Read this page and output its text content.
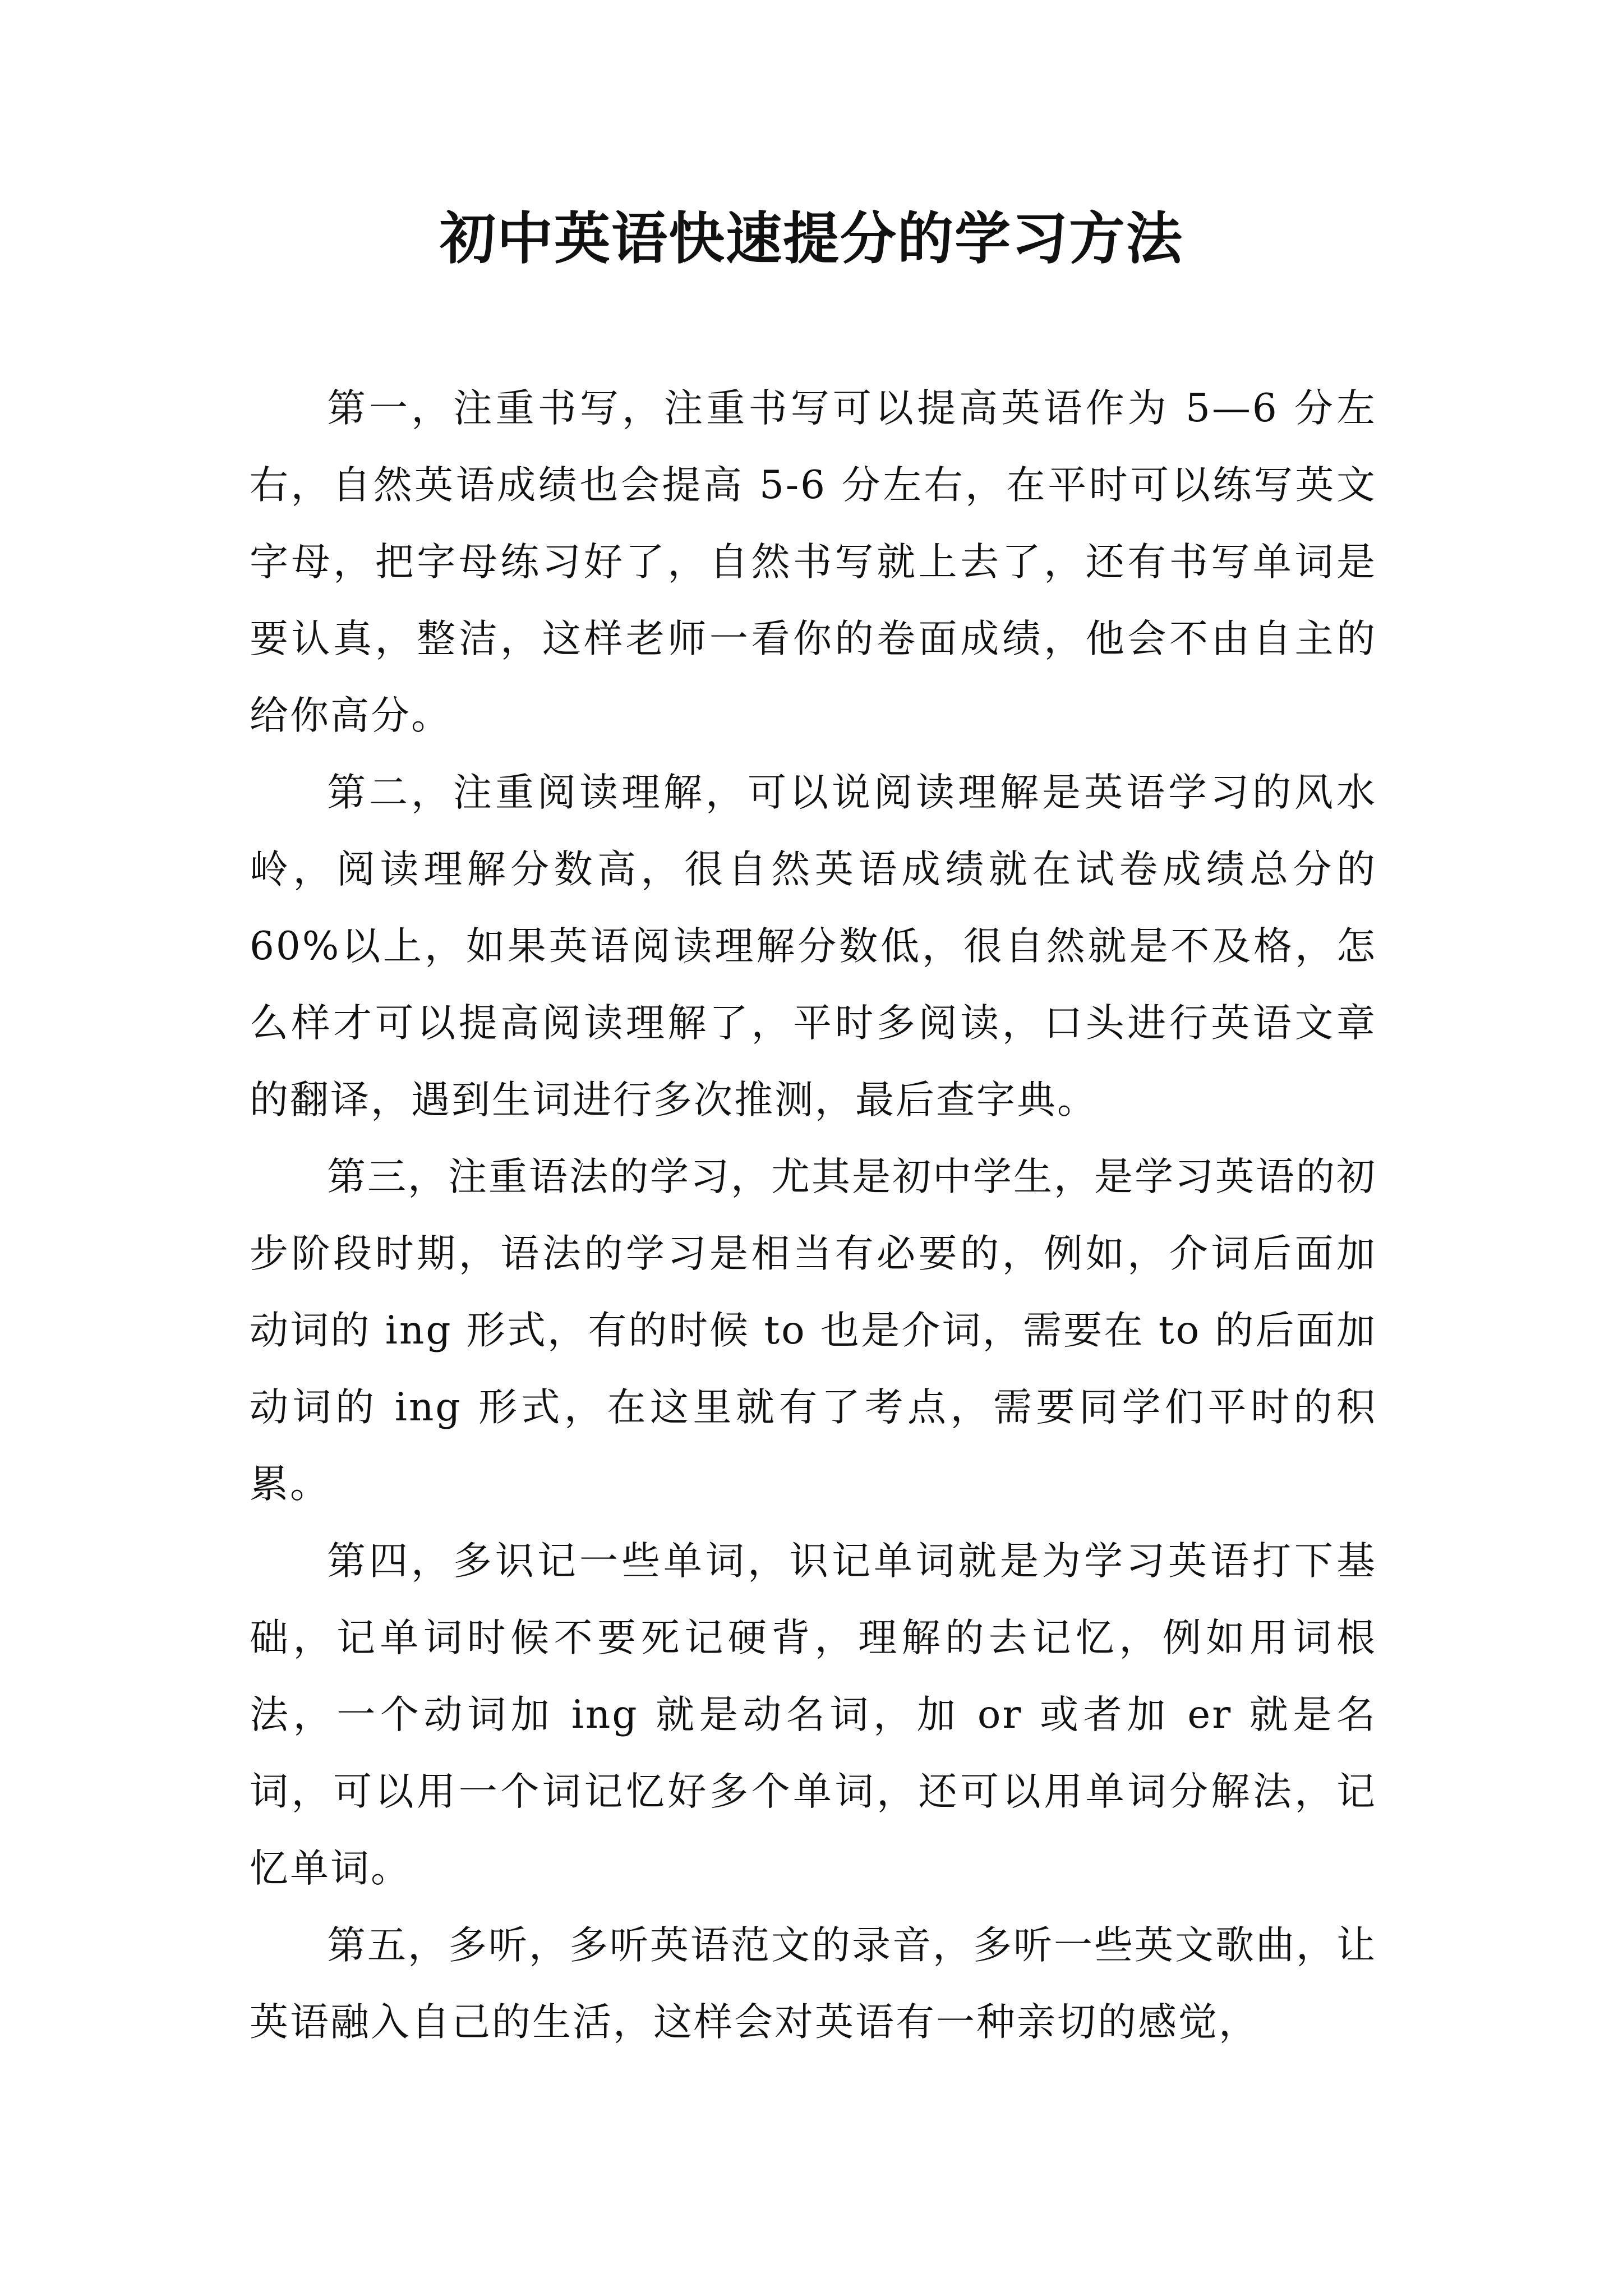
初中英语快速提分的学习方法

第一，注重书写，注重书写可以提高英语作为 5—6 分左右，自然英语成绩也会提高 5-6 分左右，在平时可以练写英文字母，把字母练习好了，自然书写就上去了，还有书写单词是要认真，整洁，这样老师一看你的卷面成绩，他会不由自主的给你高分。

第二，注重阅读理解，可以说阅读理解是英语学习的风水岭，阅读理解分数高，很自然英语成绩就在试卷成绩总分的 60%以上，如果英语阅读理解分数低，很自然就是不及格，怎么样才可以提高阅读理解了，平时多阅读，口头进行英语文章的翻译，遇到生词进行多次推测，最后查字典。

第三，注重语法的学习，尤其是初中学生，是学习英语的初步阶段时期，语法的学习是相当有必要的，例如，介词后面加动词的 ing 形式，有的时候 to 也是介词，需要在 to 的后面加动词的 ing 形式，在这里就有了考点，需要同学们平时的积累。

第四，多识记一些单词，识记单词就是为学习英语打下基础，记单词时候不要死记硬背，理解的去记忆，例如用词根法，一个动词加 ing 就是动名词，加 or 或者加 er 就是名词，可以用一个词记忆好多个单词，还可以用单词分解法，记忆单词。

第五，多听，多听英语范文的录音，多听一些英文歌曲，让英语融入自己的生活，这样会对英语有一种亲切的感觉，
